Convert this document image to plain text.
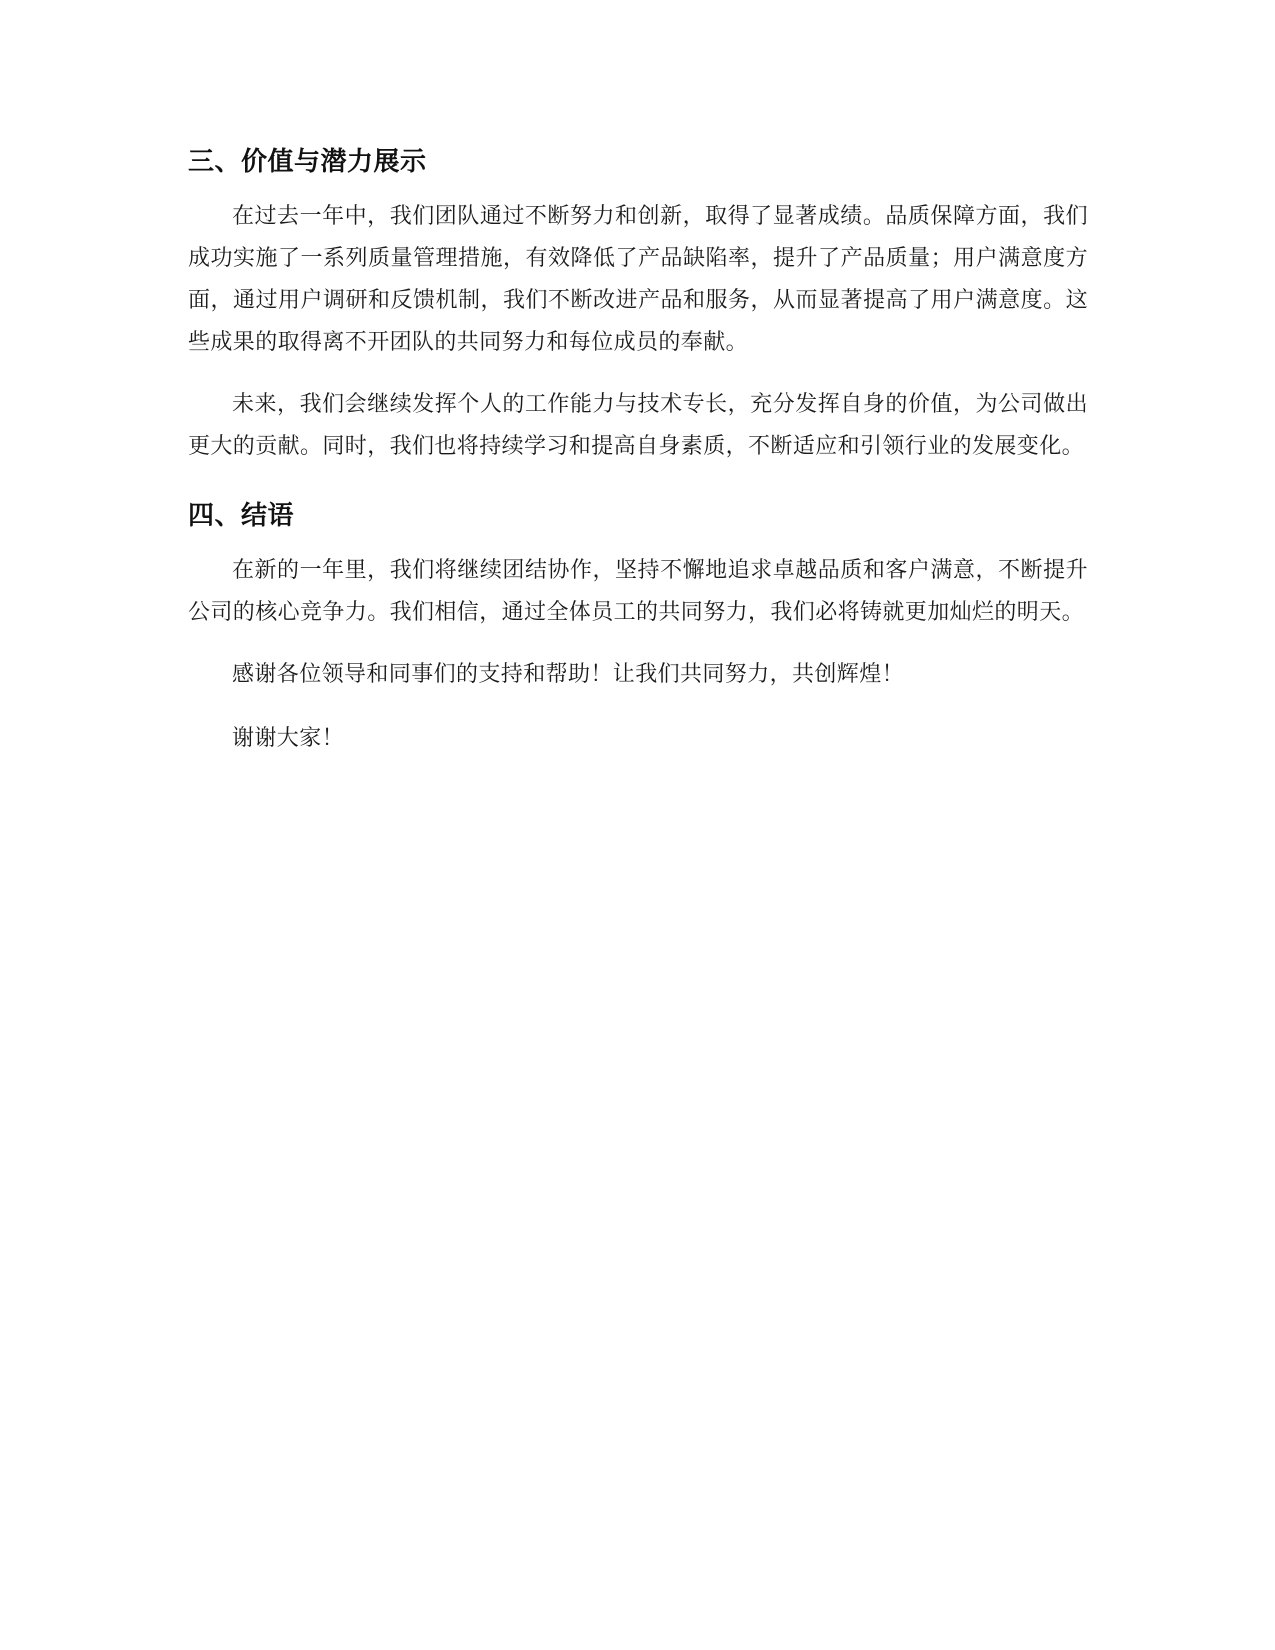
三、价值与潜力展示

在过去一年中，我们团队通过不断努力和创新，取得了显著成绩。品质保障方面，我们成功实施了一系列质量管理措施，有效降低了产品缺陷率，提升了产品质量；用户满意度方面，通过用户调研和反馈机制，我们不断改进产品和服务，从而显著提高了用户满意度。这些成果的取得离不开团队的共同努力和每位成员的奉献。

未来，我们会继续发挥个人的工作能力与技术专长，充分发挥自身的价值，为公司做出更大的贡献。同时，我们也将持续学习和提高自身素质，不断适应和引领行业的发展变化。

四、结语

在新的一年里，我们将继续团结协作，坚持不懈地追求卓越品质和客户满意，不断提升公司的核心竞争力。我们相信，通过全体员工的共同努力，我们必将铸就更加灿烂的明天。

感谢各位领导和同事们的支持和帮助！让我们共同努力，共创辉煌！

谢谢大家！
